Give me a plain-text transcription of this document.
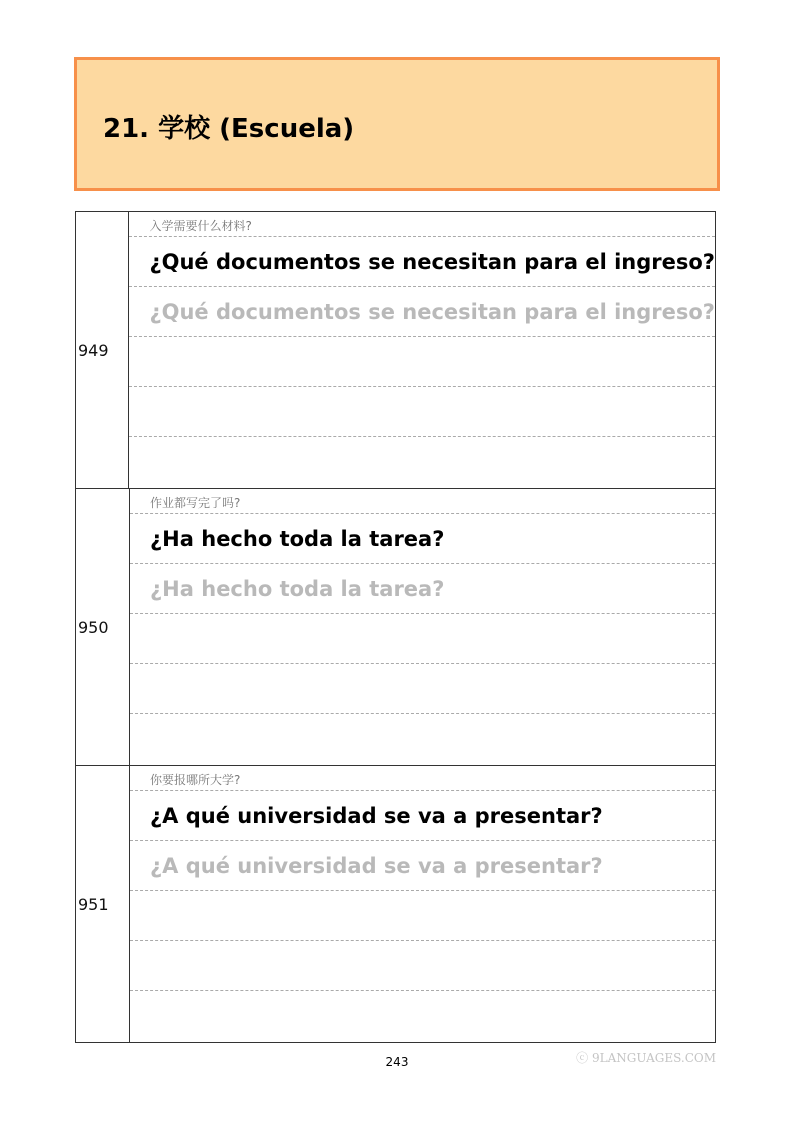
21. 学校 (Escuela)
949
入学需要什么材料?
¿Qué documentos se necesitan para el ingreso?
¿Qué documentos se necesitan para el ingreso?
950
作业都写完了吗?
¿Ha hecho toda la tarea?
¿Ha hecho toda la tarea?
951
你要报哪所大学?
¿A qué universidad se va a presentar?
¿A qué universidad se va a presentar?
243	ⓒ 9LANGUAGES.COM
